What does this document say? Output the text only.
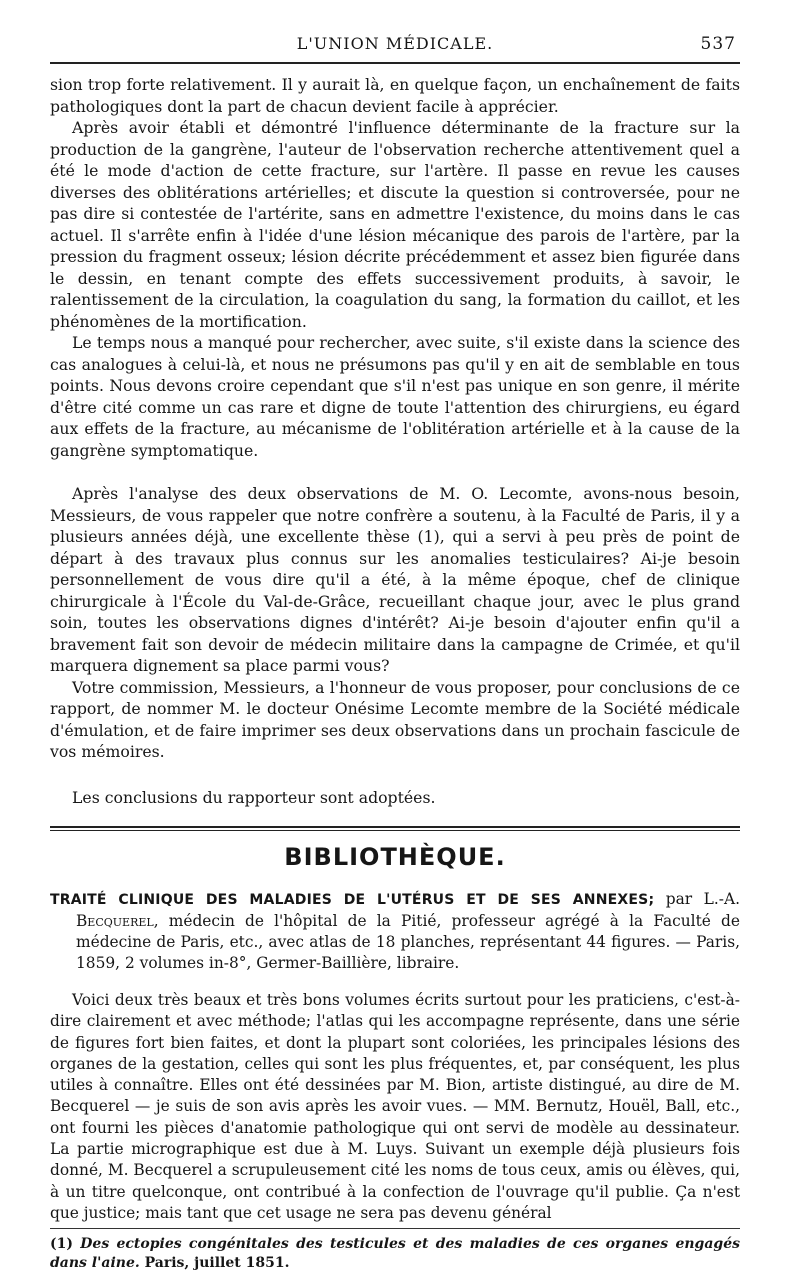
L'UNION MÉDICALE.	537

sion trop forte relativement. Il y aurait là, en quelque façon, un enchaînement de faits pathologiques dont la part de chacun devient facile à apprécier.

Après avoir établi et démontré l'influence déterminante de la fracture sur la production de la gangrène, l'auteur de l'observation recherche attentivement quel a été le mode d'action de cette fracture, sur l'artère. Il passe en revue les causes diverses des oblitérations artérielles; et discute la question si controversée, pour ne pas dire si contestée de l'artérite, sans en admettre l'existence, du moins dans le cas actuel. Il s'arrête enfin à l'idée d'une lésion mécanique des parois de l'artère, par la pression du fragment osseux; lésion décrite précédemment et assez bien figurée dans le dessin, en tenant compte des effets successivement produits, à savoir, le ralentissement de la circulation, la coagulation du sang, la formation du caillot, et les phénomènes de la mortification.

Le temps nous a manqué pour rechercher, avec suite, s'il existe dans la science des cas analogues à celui-là, et nous ne présumons pas qu'il y en ait de semblable en tous points. Nous devons croire cependant que s'il n'est pas unique en son genre, il mérite d'être cité comme un cas rare et digne de toute l'attention des chirurgiens, eu égard aux effets de la fracture, au mécanisme de l'oblitération artérielle et à la cause de la gangrène symptomatique.

Après l'analyse des deux observations de M. O. Lecomte, avons-nous besoin, Messieurs, de vous rappeler que notre confrère a soutenu, à la Faculté de Paris, il y a plusieurs années déjà, une excellente thèse (1), qui a servi à peu près de point de départ à des travaux plus connus sur les anomalies testiculaires? Ai-je besoin personnellement de vous dire qu'il a été, à la même époque, chef de clinique chirurgicale à l'École du Val-de-Grâce, recueillant chaque jour, avec le plus grand soin, toutes les observations dignes d'intérêt? Ai-je besoin d'ajouter enfin qu'il a bravement fait son devoir de médecin militaire dans la campagne de Crimée, et qu'il marquera dignement sa place parmi vous?

Votre commission, Messieurs, a l'honneur de vous proposer, pour conclusions de ce rapport, de nommer M. le docteur Onésime Lecomte membre de la Société médicale d'émulation, et de faire imprimer ses deux observations dans un prochain fascicule de vos mémoires.

Les conclusions du rapporteur sont adoptées.

BIBLIOTHÈQUE.

TRAITÉ CLINIQUE DES MALADIES DE L'UTÉRUS ET DE SES ANNEXES; par L.-A. Becquerel, médecin de l'hôpital de la Pitié, professeur agrégé à la Faculté de médecine de Paris, etc., avec atlas de 18 planches, représentant 44 figures. — Paris, 1859, 2 volumes in-8°, Germer-Baillière, libraire.

Voici deux très beaux et très bons volumes écrits surtout pour les praticiens, c'est-à-dire clairement et avec méthode; l'atlas qui les accompagne représente, dans une série de figures fort bien faites, et dont la plupart sont coloriées, les principales lésions des organes de la gestation, celles qui sont les plus fréquentes, et, par conséquent, les plus utiles à connaître. Elles ont été dessinées par M. Bion, artiste distingué, au dire de M. Becquerel — je suis de son avis après les avoir vues. — MM. Bernutz, Houël, Ball, etc., ont fourni les pièces d'anatomie pathologique qui ont servi de modèle au dessinateur. La partie micrographique est due à M. Luys. Suivant un exemple déjà plusieurs fois donné, M. Becquerel a scrupuleusement cité les noms de tous ceux, amis ou élèves, qui, à un titre quelconque, ont contribué à la confection de l'ouvrage qu'il publie. Ça n'est que justice; mais tant que cet usage ne sera pas devenu général

(1) Des ectopies congénitales des testicules et des maladies de ces organes engagés dans l'aine. Paris, juillet 1851.
